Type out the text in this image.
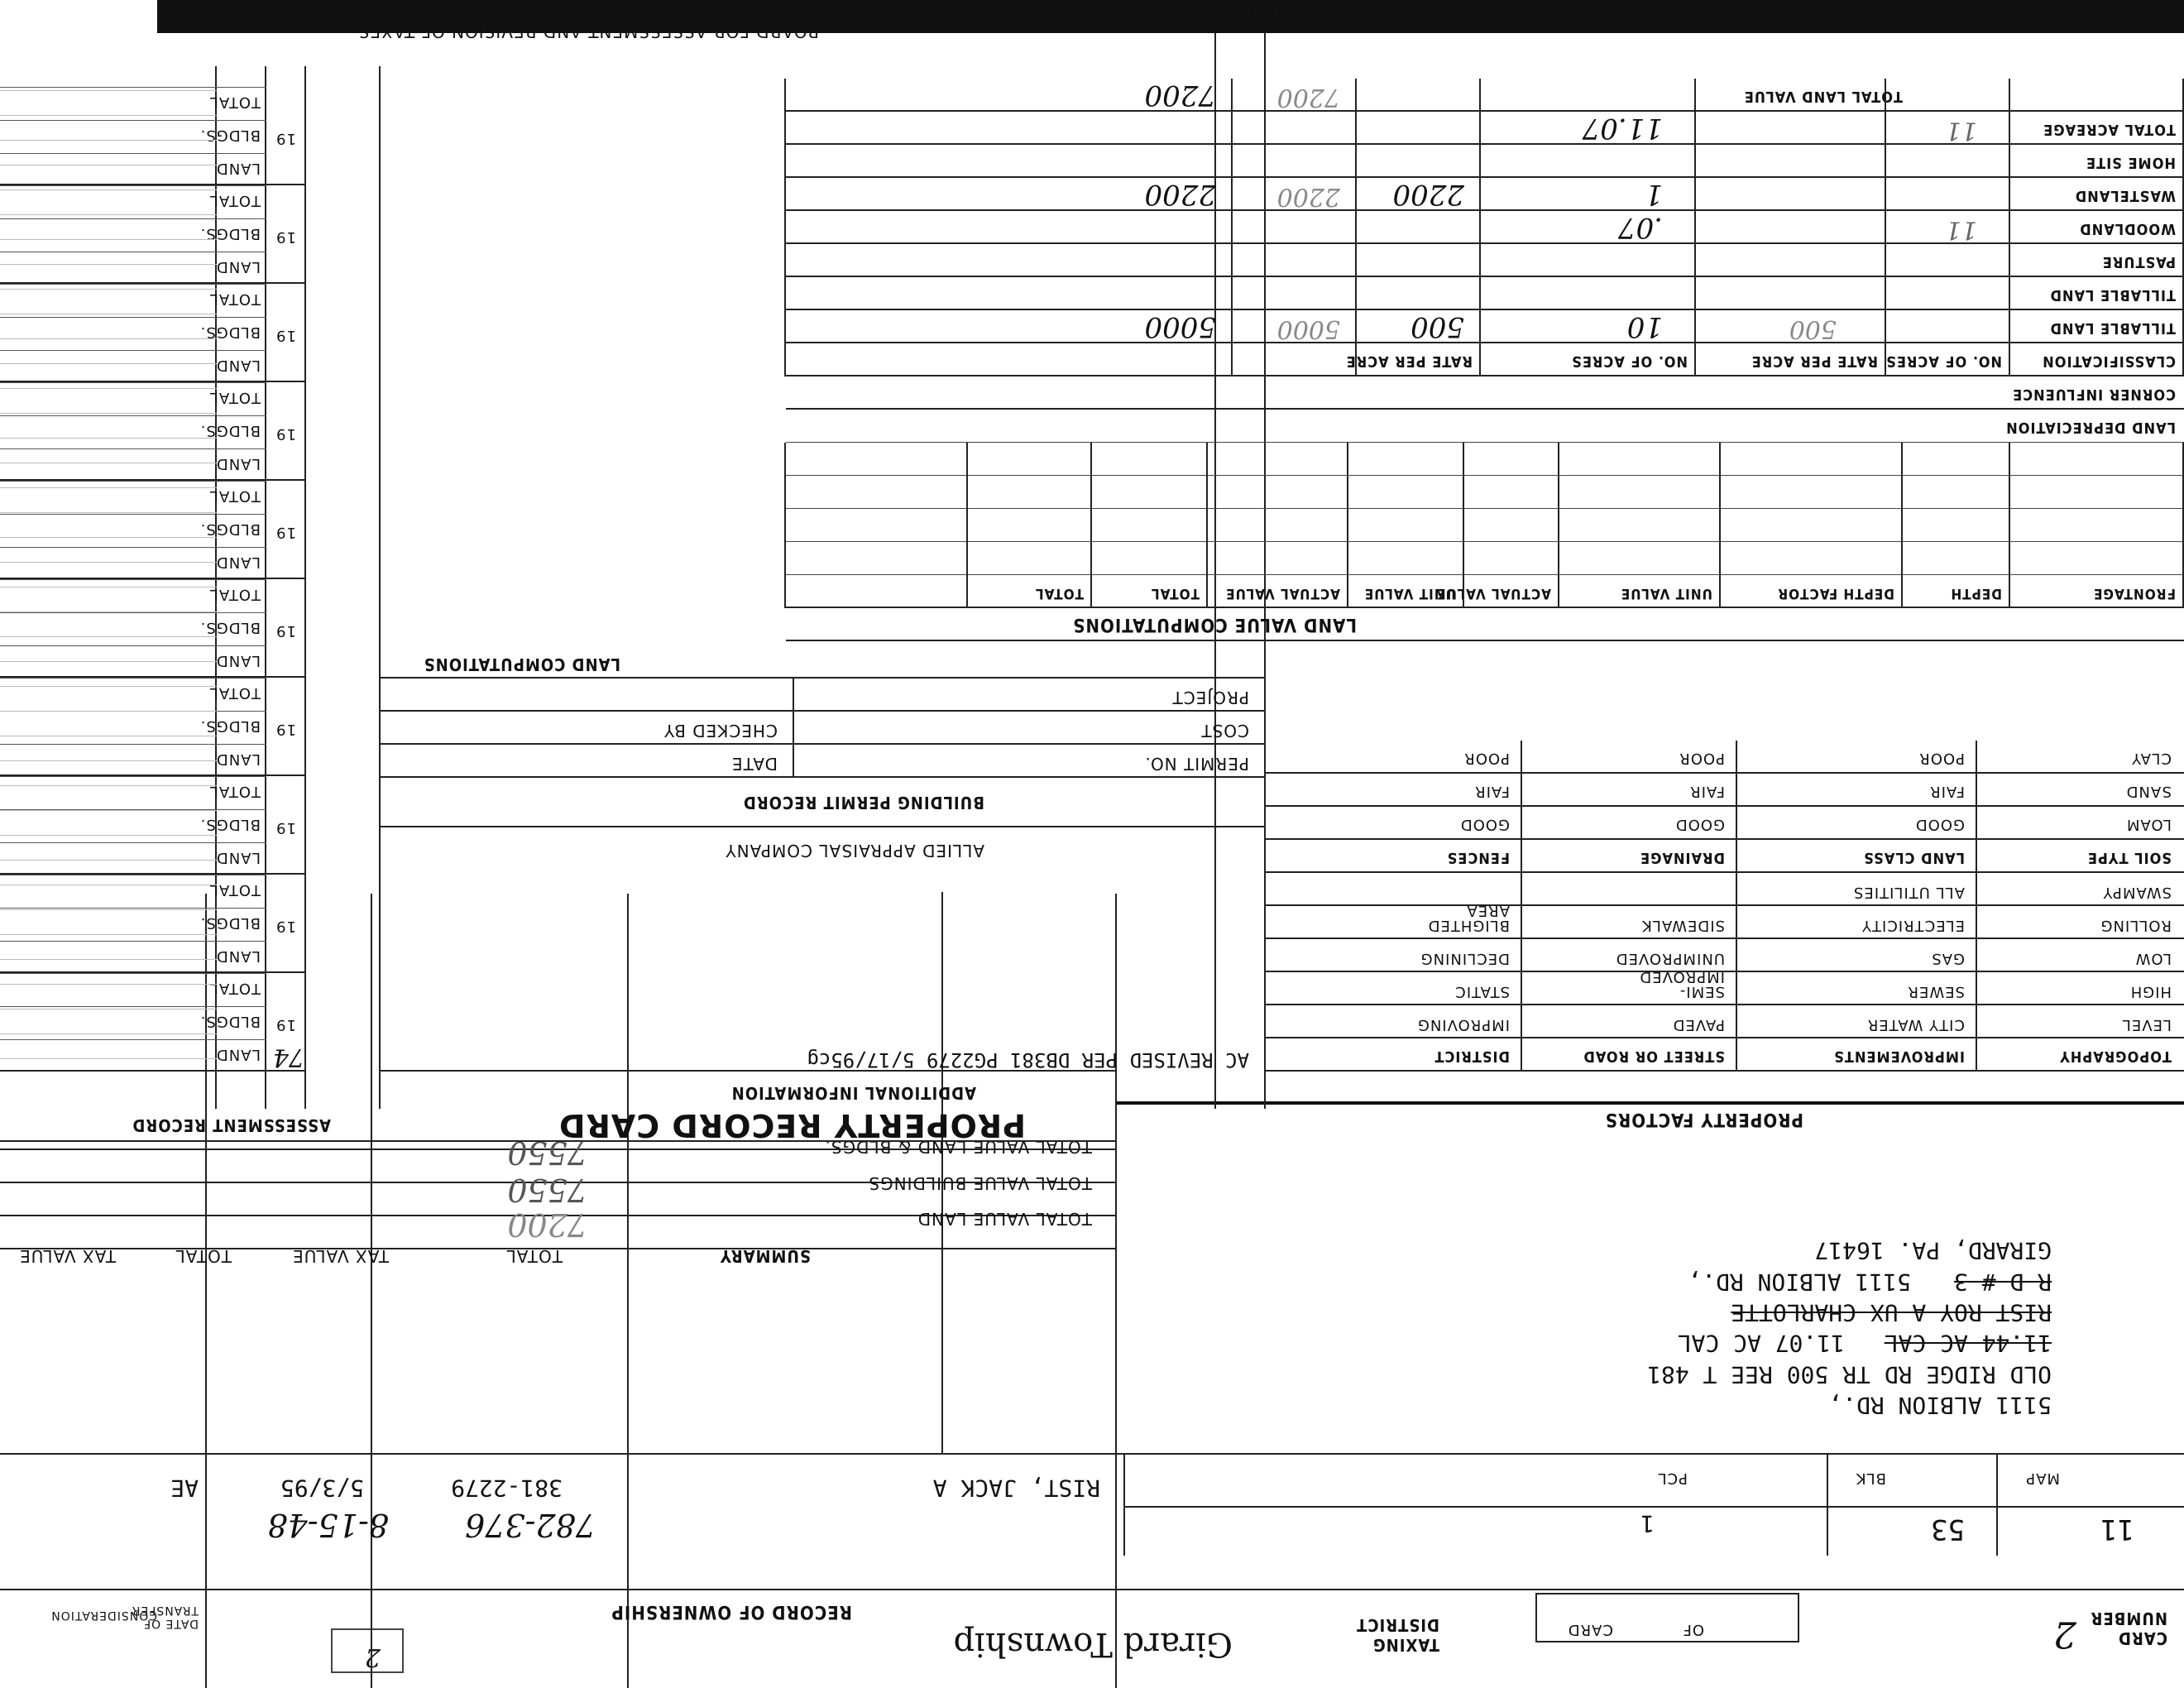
REVALUATION OF ERIE COUNTY, PENNSYLVANIA
BOARD FOR ASSESSMENT AND REVISION OF TAXES
CARD
NUMBER
2
CARD	OF
MAP
11
BLK
53
PCL
1
TAXING
DISTRICT
Girard Township
2
5111 ALBION RD.,
OLD RIDGE RD TR 500 REE T 481
11.44 AC CAL
11.07 AC CAL
RIST ROY A UX CHARLOTTE
R D # 3
5111 ALBION RD.,
GIRARD, PA. 16417
RECORD OF OWNERSHIP
DATE OF
TRANSFER
CONSIDERATION
RIST, JACK A
381-2279
5/3/95
AE
782-376
8-15-48
SUMMARY
TOTAL
TAX VALUE
TOTAL
TAX VALUE
TOTAL VALUE LAND & BLDGS.
7550
TOTAL VALUE BUILDINGS
7550
TOTAL VALUE LAND
7200
PROPERTY RECORD CARD
ASSESSMENT RECORD	PROPERTY FACTORS
LAND
BLDGS.
TOTAL
19
LAND
BLDGS.
TOTAL
19
LAND
BLDGS.
TOTAL
19
LAND
BLDGS.
TOTAL
19
LAND
BLDGS.
TOTAL
19
LAND
BLDGS.
TOTAL
19
LAND
BLDGS.
TOTAL
19
LAND
BLDGS.
TOTAL
19
LAND
BLDGS.
TOTAL
19
LAND
BLDGS.
TOTAL
19
74
ADDITIONAL INFORMATION
AC REVISED PER DB381 PG2279 5/17/95cg
ALLIED APPRAISAL COMPANY
BUILDING PERMIT RECORD
PERMIT NO.
DATE
COST
CHECKED BY
PROJECT
LAND COMPUTATIONS
TOPOGRAPHY
IMPROVEMENTS
STREET OR ROAD
DISTRICT
LEVEL
CITY WATER
PAVED
IMPROVING
HIGH
SEWER
SEMI-
IMPROVED
STATIC
LOW
GAS
UNIMPROVED
DECLINING
ROLLING
ELECTRICITY
SIDEWALK
BLIGHTED
AREA
SWAMPY
ALL UTILITIES
SOIL TYPE
LAND CLASS
DRAINAGE
FENCES
LOAM
GOOD
GOOD
GOOD
SAND
FAIR
FAIR
FAIR
CLAY
POOR
POOR
POOR
LAND VALUE COMPUTATIONS
FRONTAGE
DEPTH
DEPTH FACTOR
UNIT VALUE
ACTUAL VALUE
UNIT VALUE
ACTUAL VALUE
TOTAL
TOTAL
LAND DEPRECIATION
CORNER INFLUENCE
CLASSIFICATION
NO. OF ACRES
RATE PER ACRE
NO. OF ACRES
RATE PER ACRE
TILLABLE LAND
500
10
500
5000
5000
TILLABLE LAND
PASTURE
WOODLAND
11
.07
WASTELAND
1
2200
2200
2200
HOME SITE
TOTAL ACREAGE
11
11.07
TOTAL LAND VALUE
7200
7200
